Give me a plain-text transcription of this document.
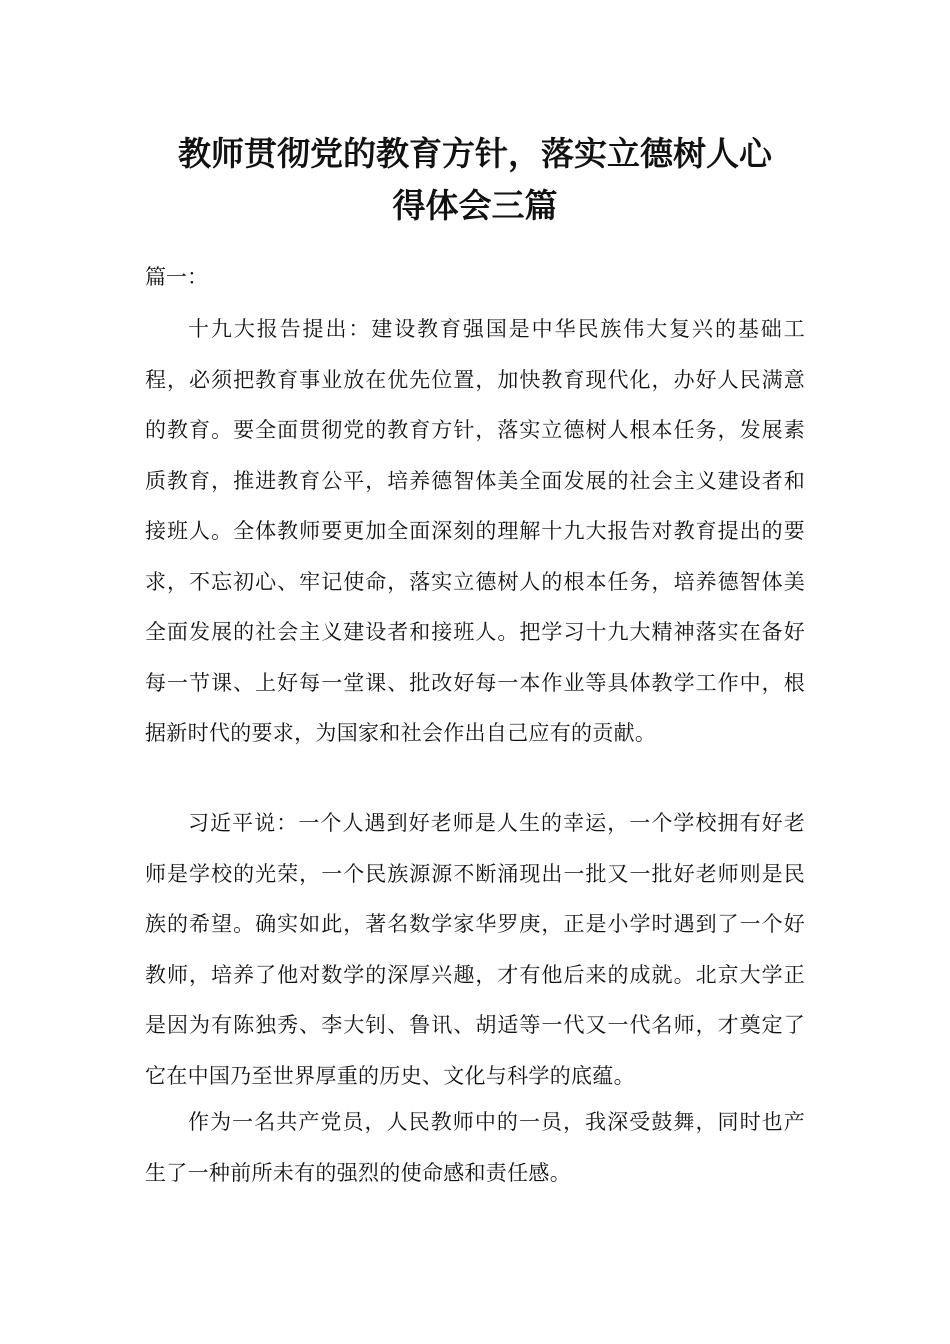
教师贯彻党的教育方针，落实立德树人心
得体会三篇

篇一：

十九大报告提出：建设教育强国是中华民族伟大复兴的基础工程，必须把教育事业放在优先位置，加快教育现代化，办好人民满意的教育。要全面贯彻党的教育方针，落实立德树人根本任务，发展素质教育，推进教育公平，培养德智体美全面发展的社会主义建设者和接班人。全体教师要更加全面深刻的理解十九大报告对教育提出的要求，不忘初心、牢记使命，落实立德树人的根本任务，培养德智体美全面发展的社会主义建设者和接班人。把学习十九大精神落实在备好每一节课、上好每一堂课、批改好每一本作业等具体教学工作中，根据新时代的要求，为国家和社会作出自己应有的贡献。

习近平说：一个人遇到好老师是人生的幸运，一个学校拥有好老师是学校的光荣，一个民族源源不断涌现出一批又一批好老师则是民族的希望。确实如此，著名数学家华罗庚，正是小学时遇到了一个好教师，培养了他对数学的深厚兴趣，才有他后来的成就。北京大学正是因为有陈独秀、李大钊、鲁讯、胡适等一代又一代名师，才奠定了它在中国乃至世界厚重的历史、文化与科学的底蕴。

作为一名共产党员，人民教师中的一员，我深受鼓舞，同时也产生了一种前所未有的强烈的使命感和责任感。
